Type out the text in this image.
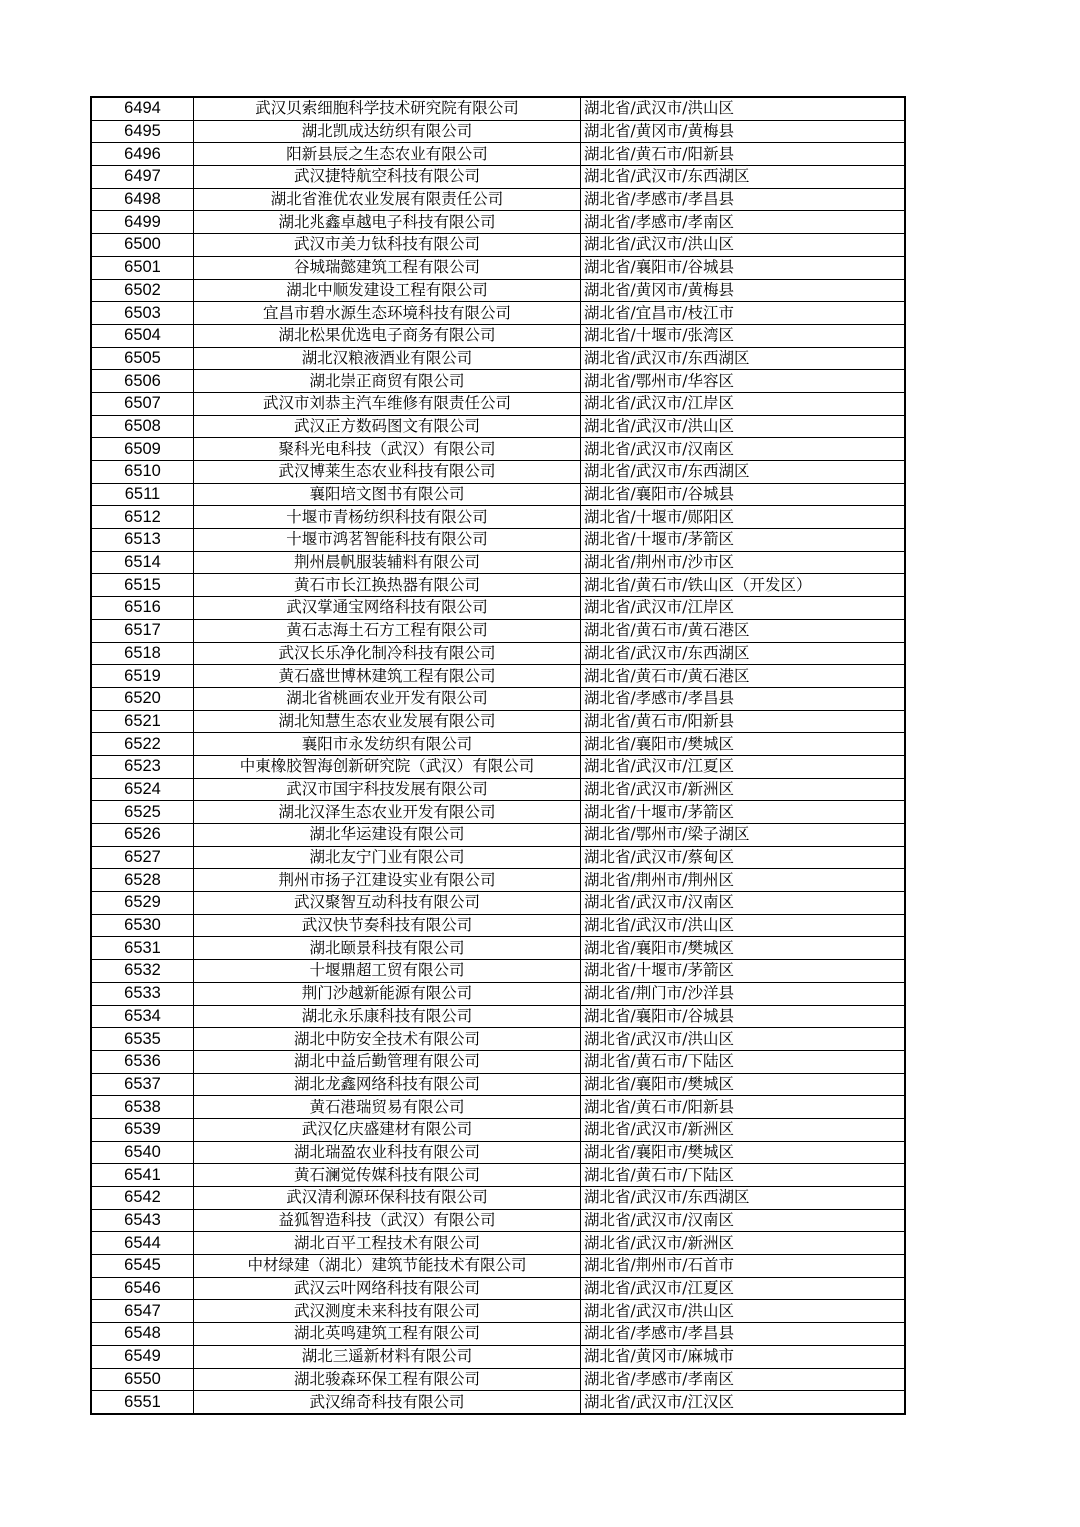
6494	武汉贝索细胞科学技术研究院有限公司	湖北省/武汉市/洪山区
6495	湖北凯成达纺织有限公司	湖北省/黄冈市/黄梅县
6496	阳新县辰之生态农业有限公司	湖北省/黄石市/阳新县
6497	武汉捷特航空科技有限公司	湖北省/武汉市/东西湖区
6498	湖北省淮优农业发展有限责任公司	湖北省/孝感市/孝昌县
6499	湖北兆鑫卓越电子科技有限公司	湖北省/孝感市/孝南区
6500	武汉市美力钛科技有限公司	湖北省/武汉市/洪山区
6501	谷城瑞懿建筑工程有限公司	湖北省/襄阳市/谷城县
6502	湖北中顺发建设工程有限公司	湖北省/黄冈市/黄梅县
6503	宜昌市碧水源生态环境科技有限公司	湖北省/宜昌市/枝江市
6504	湖北松果优选电子商务有限公司	湖北省/十堰市/张湾区
6505	湖北汉粮液酒业有限公司	湖北省/武汉市/东西湖区
6506	湖北崇正商贸有限公司	湖北省/鄂州市/华容区
6507	武汉市刘恭主汽车维修有限责任公司	湖北省/武汉市/江岸区
6508	武汉正方数码图文有限公司	湖北省/武汉市/洪山区
6509	聚科光电科技（武汉）有限公司	湖北省/武汉市/汉南区
6510	武汉博莱生态农业科技有限公司	湖北省/武汉市/东西湖区
6511	襄阳培文图书有限公司	湖北省/襄阳市/谷城县
6512	十堰市青杨纺织科技有限公司	湖北省/十堰市/郧阳区
6513	十堰市鸿茗智能科技有限公司	湖北省/十堰市/茅箭区
6514	荆州晨帆服装辅料有限公司	湖北省/荆州市/沙市区
6515	黄石市长江换热器有限公司	湖北省/黄石市/铁山区（开发区）
6516	武汉掌通宝网络科技有限公司	湖北省/武汉市/江岸区
6517	黄石志海土石方工程有限公司	湖北省/黄石市/黄石港区
6518	武汉长乐净化制冷科技有限公司	湖北省/武汉市/东西湖区
6519	黄石盛世博林建筑工程有限公司	湖北省/黄石市/黄石港区
6520	湖北省桃画农业开发有限公司	湖北省/孝感市/孝昌县
6521	湖北知慧生态农业发展有限公司	湖北省/黄石市/阳新县
6522	襄阳市永发纺织有限公司	湖北省/襄阳市/樊城区
6523	中東橡胶智海创新研究院（武汉）有限公司	湖北省/武汉市/江夏区
6524	武汉市国宇科技发展有限公司	湖北省/武汉市/新洲区
6525	湖北汉泽生态农业开发有限公司	湖北省/十堰市/茅箭区
6526	湖北华运建设有限公司	湖北省/鄂州市/梁子湖区
6527	湖北友宁门业有限公司	湖北省/武汉市/蔡甸区
6528	荆州市扬子江建设实业有限公司	湖北省/荆州市/荆州区
6529	武汉聚智互动科技有限公司	湖北省/武汉市/汉南区
6530	武汉快节奏科技有限公司	湖北省/武汉市/洪山区
6531	湖北颐景科技有限公司	湖北省/襄阳市/樊城区
6532	十堰鼎超工贸有限公司	湖北省/十堰市/茅箭区
6533	荆门沙越新能源有限公司	湖北省/荆门市/沙洋县
6534	湖北永乐康科技有限公司	湖北省/襄阳市/谷城县
6535	湖北中防安全技术有限公司	湖北省/武汉市/洪山区
6536	湖北中益后勤管理有限公司	湖北省/黄石市/下陆区
6537	湖北龙鑫网络科技有限公司	湖北省/襄阳市/樊城区
6538	黄石港瑞贸易有限公司	湖北省/黄石市/阳新县
6539	武汉亿庆盛建材有限公司	湖北省/武汉市/新洲区
6540	湖北瑞盈农业科技有限公司	湖北省/襄阳市/樊城区
6541	黄石澜觉传媒科技有限公司	湖北省/黄石市/下陆区
6542	武汉清利源环保科技有限公司	湖北省/武汉市/东西湖区
6543	益狐智造科技（武汉）有限公司	湖北省/武汉市/汉南区
6544	湖北百平工程技术有限公司	湖北省/武汉市/新洲区
6545	中材绿建（湖北）建筑节能技术有限公司	湖北省/荆州市/石首市
6546	武汉云叶网络科技有限公司	湖北省/武汉市/江夏区
6547	武汉测度未来科技有限公司	湖北省/武汉市/洪山区
6548	湖北英鸣建筑工程有限公司	湖北省/孝感市/孝昌县
6549	湖北三遥新材料有限公司	湖北省/黄冈市/麻城市
6550	湖北骏森环保工程有限公司	湖北省/孝感市/孝南区
6551	武汉绵奇科技有限公司	湖北省/武汉市/江汉区
